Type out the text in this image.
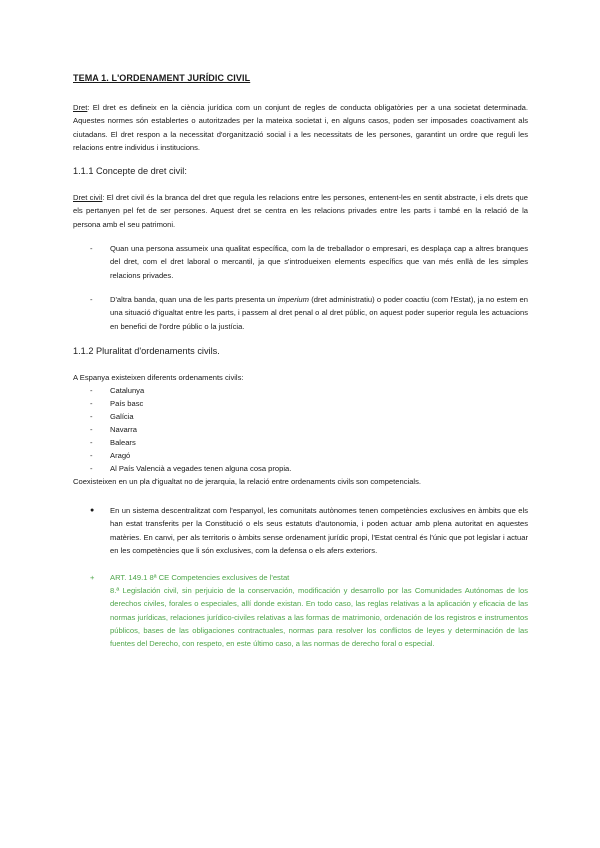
TEMA 1. L'ORDENAMENT JURÍDIC CIVIL

Dret: El dret es defineix en la ciència jurídica com un conjunt de regles de conducta obligatòries per a una societat determinada. Aquestes normes són establertes o autoritzades per la mateixa societat i, en alguns casos, poden ser imposades coactivament als ciutadans. El dret respon a la necessitat d'organització social i a les necessitats de les persones, garantint un ordre que reguli les relacions entre individus i institucions.

1.1.1 Concepte de dret civil:

Dret civil: El dret civil és la branca del dret que regula les relacions entre les persones, entenent-les en sentit abstracte, i els drets que els pertanyen pel fet de ser persones. Aquest dret se centra en les relacions privades entre les parts i també en la relació de la persona amb el seu patrimoni.

- Quan una persona assumeix una qualitat específica, com la de treballador o empresari, es desplaça cap a altres branques del dret, com el dret laboral o mercantil, ja que s'introdueixen elements específics que van més enllà de les simples relacions privades.

- D'altra banda, quan una de les parts presenta un imperium (dret administratiu) o poder coactiu (com l'Estat), ja no estem en una situació d'igualtat entre les parts, i passem al dret penal o al dret públic, on aquest poder superior regula les actuacions en benefici de l'ordre públic o la justícia.

1.1.2 Pluralitat d'ordenaments civils.
A Espanya existeixen diferents ordenaments civils:
- Catalunya
- País basc
- Galícia
- Navarra
- Balears
- Aragó
- Al País Valencià a vegades tenen alguna cosa propia.
Coexisteixen en un pla d'igualtat no de jerarquia, la relació entre ordenaments civils son competencials.
● En un sistema descentralitzat com l'espanyol, les comunitats autònomes tenen competències exclusives en àmbits que els han estat transferits per la Constitució o els seus estatuts d'autonomia, i poden actuar amb plena autoritat en aquestes matèries. En canvi, per als territoris o àmbits sense ordenament jurídic propi, l'Estat central és l'únic que pot legislar i actuar en les competències que li són exclusives, com la defensa o els afers exteriors.

+ ART. 149.1 8ª CE Competencies exclusives de l'estat

8.ª Legislación civil, sin perjuicio de la conservación, modificación y desarrollo por las Comunidades Autónomas de los derechos civiles, forales o especiales, allí donde existan. En todo caso, las reglas relativas a la aplicación y eficacia de las normas jurídicas, relaciones jurídico-civiles relativas a las formas de matrimonio, ordenación de los registros e instrumentos públicos, bases de las obligaciones contractuales, normas para resolver los conflictos de leyes y determinación de las fuentes del Derecho, con respeto, en este último caso, a las normas de derecho foral o especial.
